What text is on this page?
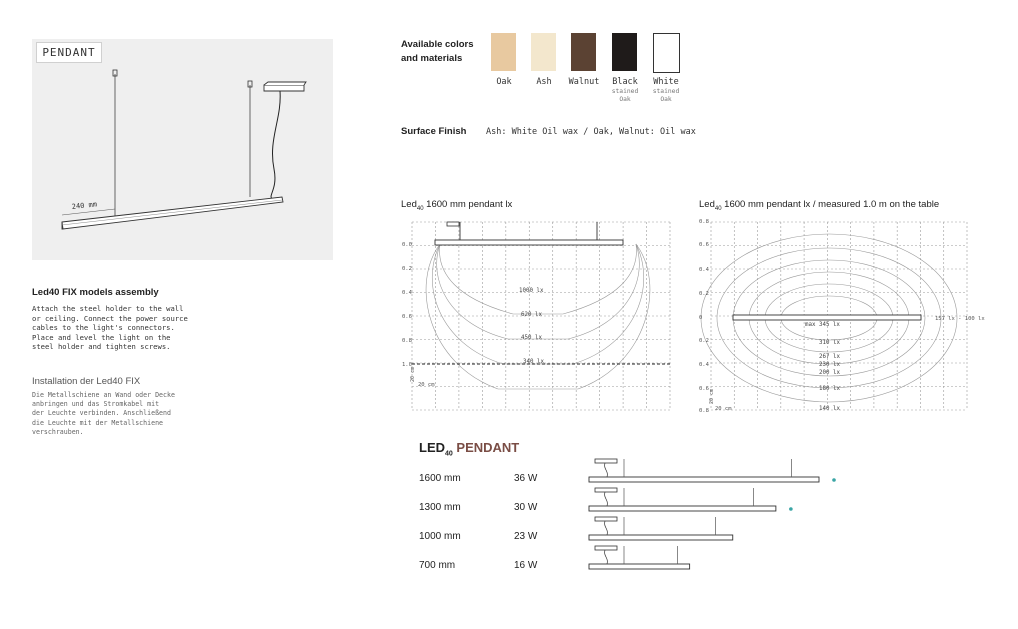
240 mm
PENDANT
Led40 FIX models assembly
Attach the steel holder to the wall
or ceiling. Connect the power source
cables to the light's connectors.
Place and level the light on the
steel holder and tighten screws.
Installation der Led40 FIX
Die Metallschiene an Wand oder Decke
anbringen und das Stromkabel mit
der Leuchte verbinden. Anschließend
die Leuchte mit der Metallschiene
verschrauben.
Available colors
and materials
Oak	Ash	Walnut	Black
stained
Oak
White
stained
Oak
Surface Finish Ash: White Oil wax / Oak, Walnut: Oil wax
Led$_{40}$ 1600 mm pendant lx
0.0
0.2
0.4
0.6
0.8
1.0
1000 lx
620 lx
450 lx
340 lx
20 cm
20 cm
Led$_{40}$ 1600 mm pendant lx / measured 1.0 m on the table
0.8
0.6
0.4
0.2
0
0.2
0.4
0.6
0.8
max 345 lx
310 lx
267 lx
230 lx
200 lx
180 lx
140 lx
157 lx - 100 lx
20 cm
20 cm
$LED_{40}$ PENDANT
1600 mm	36 W
1300 mm	30 W
1000 mm	23 W
700 mm	16 W
